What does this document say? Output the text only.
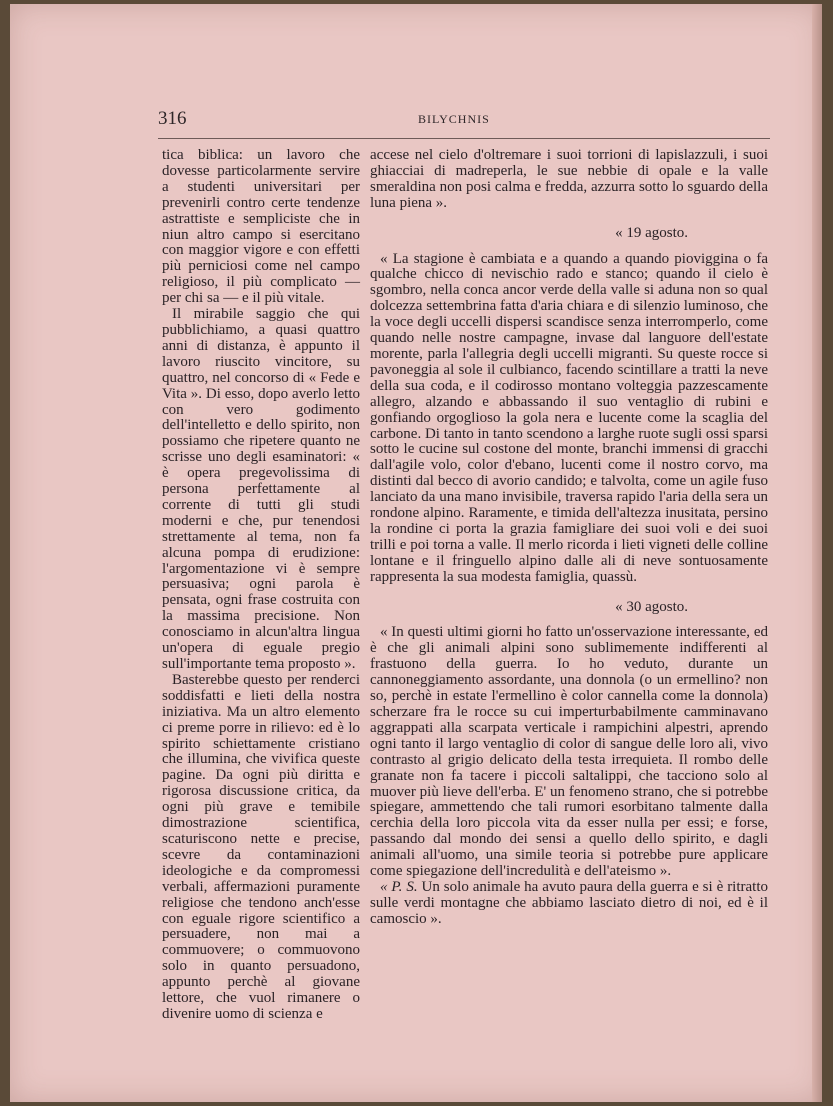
316	BILYCHNIS

tica biblica: un lavoro che dovesse particolarmente servire a studenti universitari per prevenirli contro certe tendenze astrattiste e sempliciste che in niun altro campo si esercitano con maggior vigore e con effetti più perniciosi come nel campo religioso, il più complicato — per chi sa — e il più vitale.

Il mirabile saggio che qui pubblichiamo, a quasi quattro anni di distanza, è appunto il lavoro riuscito vincitore, su quattro, nel concorso di « Fede e Vita ». Di esso, dopo averlo letto con vero godimento dell'intelletto e dello spirito, non possiamo che ripetere quanto ne scrisse uno degli esaminatori: « è opera pregevolissima di persona perfettamente al corrente di tutti gli studi moderni e che, pur tenendosi strettamente al tema, non fa alcuna pompa di erudizione: l'argomentazione vi è sempre persuasiva; ogni parola è pensata, ogni frase costruita con la massima precisione. Non conosciamo in alcun'altra lingua un'opera di eguale pregio sull'importante tema proposto ».

Basterebbe questo per renderci soddisfatti e lieti della nostra iniziativa. Ma un altro elemento ci preme porre in rilievo: ed è lo spirito schiettamente cristiano che illumina, che vivifica queste pagine. Da ogni più diritta e rigorosa discussione critica, da ogni più grave e temibile dimostrazione scientifica, scaturiscono nette e precise, scevre da contaminazioni ideologiche e da compromessi verbali, affermazioni puramente religiose che tendono anch'esse con eguale rigore scientifico a persuadere, non mai a commuovere; o commuovono solo in quanto persuadono, appunto perchè al giovane lettore, che vuol rimanere o divenire uomo di scienza e

accese nel cielo d'oltremare i suoi torrioni di lapislazzuli, i suoi ghiacciai di madreperla, le sue nebbie di opale e la valle smeraldina non posi calma e fredda, azzurra sotto lo sguardo della luna piena ».

« 19 agosto.

« La stagione è cambiata e a quando a quando pioviggina o fa qualche chicco di nevischio rado e stanco; quando il cielo è sgombro, nella conca ancor verde della valle si aduna non so qual dolcezza settembrina fatta d'aria chiara e di silenzio luminoso, che la voce degli uccelli dispersi scandisce senza interromperlo, come quando nelle nostre campagne, invase dal languore dell'estate morente, parla l'allegria degli uccelli migranti. Su queste rocce si pavoneggia al sole il culbianco, facendo scintillare a tratti la neve della sua coda, e il codirosso montano volteggia pazzescamente allegro, alzando e abbassando il suo ventaglio di rubini e gonfiando orgoglioso la gola nera e lucente come la scaglia del carbone. Di tanto in tanto scendono a larghe ruote sugli ossi sparsi sotto le cucine sul costone del monte, branchi immensi di gracchi dall'agile volo, color d'ebano, lucenti come il nostro corvo, ma distinti dal becco di avorio candido; e talvolta, come un agile fuso lanciato da una mano invisibile, traversa rapido l'aria della sera un rondone alpino. Raramente, e timida dell'altezza inusitata, persino la rondine ci porta la grazia famigliare dei suoi voli e dei suoi trilli e poi torna a valle. Il merlo ricorda i lieti vigneti delle colline lontane e il fringuello alpino dalle ali di neve sontuosamente rappresenta la sua modesta famiglia, quassù.

« 30 agosto.

« In questi ultimi giorni ho fatto un'osservazione interessante, ed è che gli animali alpini sono sublimemente indifferenti al frastuono della guerra. Io ho veduto, durante un cannoneggiamento assordante, una donnola (o un ermellino? non so, perchè in estate l'ermellino è color cannella come la donnola) scherzare fra le rocce su cui imperturbabilmente camminavano aggrappati alla scarpata verticale i rampichini alpestri, aprendo ogni tanto il largo ventaglio di color di sangue delle loro ali, vivo contrasto al grigio delicato della testa irrequieta. Il rombo delle granate non fa tacere i piccoli saltalippi, che tacciono solo al muover più lieve dell'erba. E' un fenomeno strano, che si potrebbe spiegare, ammettendo che tali rumori esorbitano talmente dalla cerchia della loro piccola vita da esser nulla per essi; e forse, passando dal mondo dei sensi a quello dello spirito, e dagli animali all'uomo, una simile teoria si potrebbe pure applicare come spiegazione dell'incredulità e dell'ateismo ».

« P. S. Un solo animale ha avuto paura della guerra e si è ritratto sulle verdi montagne che abbiamo lasciato dietro di noi, ed è il camoscio ».
